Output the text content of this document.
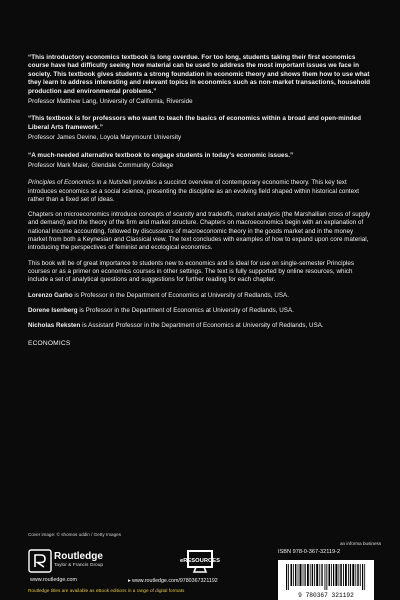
“This introductory economics textbook is long overdue. For too long, students taking their first economics course have had difficulty seeing how material can be used to address the most important issues we face in society. This textbook gives students a strong foundation in economic theory and shows them how to use what they learn to address interesting and relevant topics in economics such as non-market transactions, household production and environmental problems.”
Professor Matthew Lang, University of California, Riverside
“This textbook is for professors who want to teach the basics of economics within a broad and open-minded Liberal Arts framework.”
Professor James Devine, Loyola Marymount University
“A much-needed alternative textbook to engage students in today’s economic issues.”
Professor Mark Maier, Glendale Community College

Principles of Economics in a Nutshell provides a succinct overview of contemporary economic theory. This key text introduces economics as a social science, presenting the discipline as an evolving field shaped within historical context rather than a fixed set of ideas.

Chapters on microeconomics introduce concepts of scarcity and tradeoffs, market analysis (the Marshallian cross of supply and demand) and the theory of the firm and market structure. Chapters on macroeconomics begin with an explanation of national income accounting, followed by discussions of macroeconomic theory in the goods market and in the money market from both a Keynesian and Classical view. The text concludes with examples of how to expand upon core material, introducing the perspectives of feminist and ecological economics.

This book will be of great importance to students new to economics and is ideal for use on single-semester Principles courses or as a primer on economics courses in other settings. The text is fully supported by online resources, which include a set of analytical questions and suggestions for further reading for each chapter.

Lorenzo Garbo is Professor in the Department of Economics at University of Redlands, USA.

Dorene Isenberg is Professor in the Department of Economics at University of Redlands, USA.

Nicholas Reksten is Assistant Professor in the Department of Economics at University of Redlands, USA.

ECONOMICS
Cover image: © shomos uddin / Getty Images
an informa business
Routledge
Taylor & Francis Group
www.routledge.com
eRESOURCES
▸ www.routledge.com/9780367321192
ISBN 978-0-367-32119-2
9 780367 321192
Routledge titles are available as eBook editions in a range of digital formats
